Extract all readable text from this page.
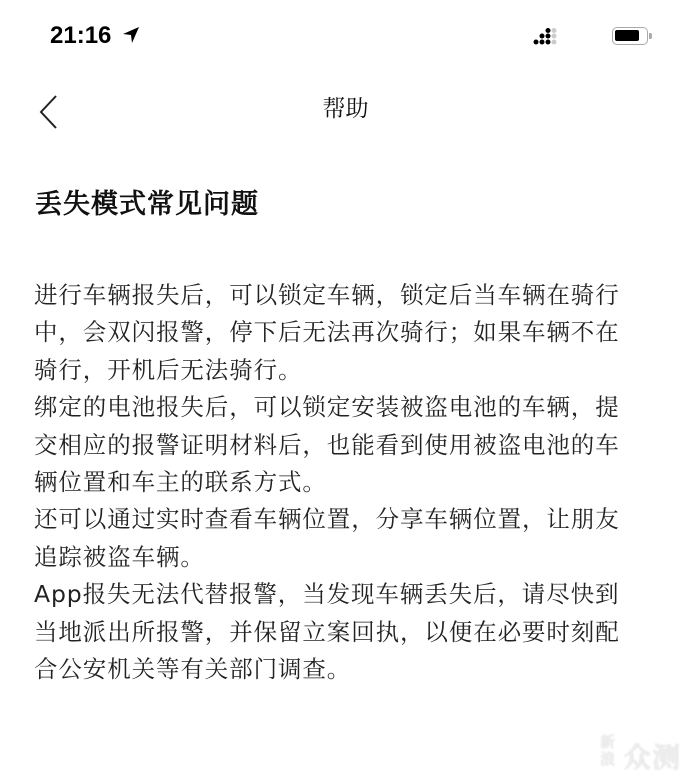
21:16
帮助
丢失模式常见问题
进行车辆报失后，可以锁定车辆，锁定后当车辆在骑行
中，会双闪报警，停下后无法再次骑行；如果车辆不在
骑行，开机后无法骑行。
绑定的电池报失后，可以锁定安装被盗电池的车辆，提
交相应的报警证明材料后，也能看到使用被盗电池的车
辆位置和车主的联系方式。
还可以通过实时查看车辆位置，分享车辆位置，让朋友
追踪被盗车辆。
App报失无法代替报警，当发现车辆丢失后，请尽快到
当地派出所报警，并保留立案回执，以便在必要时刻配
合公安机关等有关部门调查。
新
浪 众测
